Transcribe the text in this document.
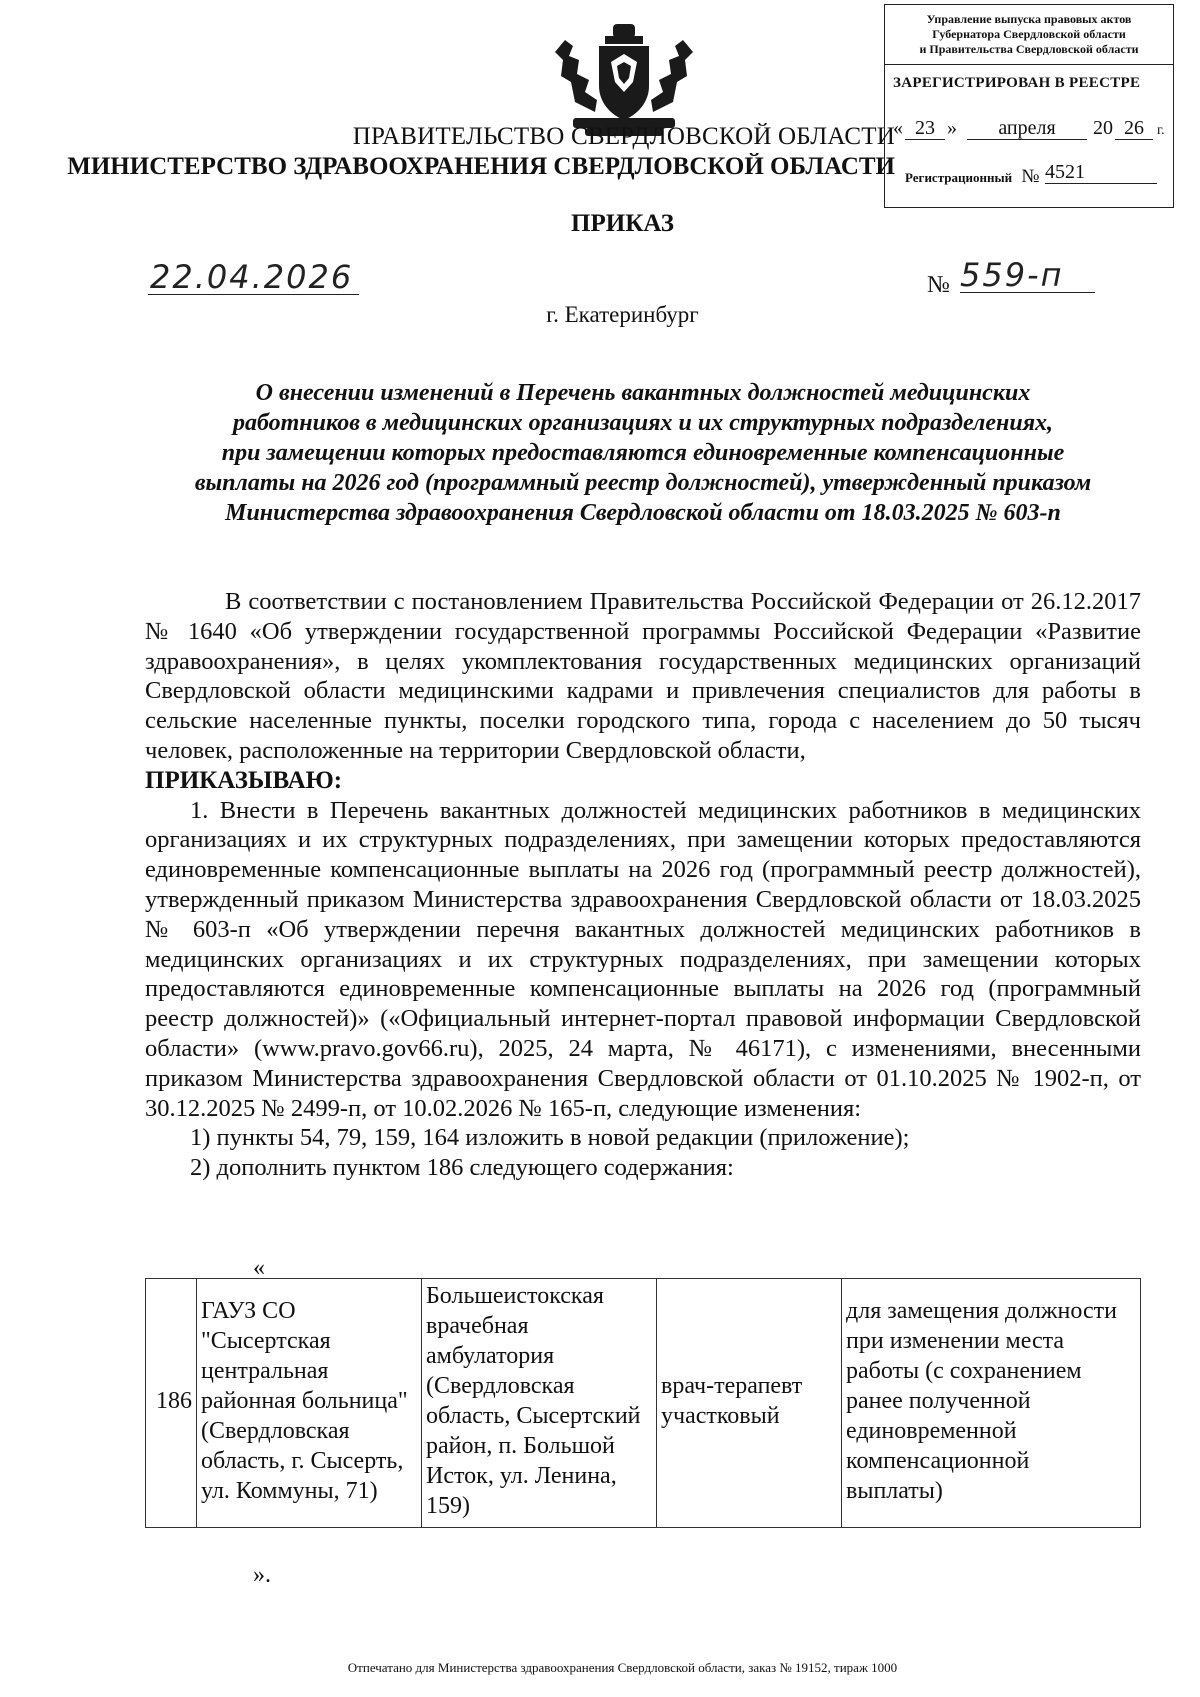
Управление выпуска правовых актов
Губернатора Свердловской области
и Правительства Свердловской области
ЗАРЕГИСТРИРОВАН В РЕЕСТРЕ
« 23 »	апреля	20 26 г.
Регистрационный № 4521
ПРАВИТЕЛЬСТВО СВЕРДЛОВСКОЙ ОБЛАСТИ
МИНИСТЕРСТВО ЗДРАВООХРАНЕНИЯ СВЕРДЛОВСКОЙ ОБЛАСТИ
ПРИКАЗ
22.04.2026	№ 559-п
г. Екатеринбург
О внесении изменений в Перечень вакантных должностей медицинских
работников в медицинских организациях и их структурных подразделениях,
при замещении которых предоставляются единовременные компенсационные
выплаты на 2026 год (программный реестр должностей), утвержденный приказом
Министерства здравоохранения Свердловской области от 18.03.2025 № 603-п

В соответствии с постановлением Правительства Российской Федерации от 26.12.2017 № 1640 «Об утверждении государственной программы Российской Федерации «Развитие здравоохранения», в целях укомплектования государственных медицинских организаций Свердловской области медицинскими кадрами и привлечения специалистов для работы в сельские населенные пункты, поселки городского типа, города с населением до 50 тысяч человек, расположенные на территории Свердловской области,

ПРИКАЗЫВАЮ:

1. Внести в Перечень вакантных должностей медицинских работников в медицинских организациях и их структурных подразделениях, при замещении которых предоставляются единовременные компенсационные выплаты на 2026 год (программный реестр должностей), утвержденный приказом Министерства здравоохранения Свердловской области от 18.03.2025 № 603-п «Об утверждении перечня вакантных должностей медицинских работников в медицинских организациях и их структурных подразделениях, при замещении которых предоставляются единовременные компенсационные выплаты на 2026 год (программный реестр должностей)» («Официальный интернет-портал правовой информации Свердловской области» (www.pravo.gov66.ru), 2025, 24 марта, № 46171), с изменениями, внесенными приказом Министерства здравоохранения Свердловской области от 01.10.2025 № 1902-п, от 30.12.2025 № 2499-п, от 10.02.2026 № 165-п, следующие изменения:

1) пункты 54, 79, 159, 164 изложить в новой редакции (приложение);

2) дополнить пунктом 186 следующего содержания:

«
186	ГАУЗ СО "Сысертская центральная районная больница" (Свердловская область, г. Сысерть, ул. Коммуны, 71)	Большеистокская врачебная амбулатория (Свердловская область, Сысертский район, п. Большой Исток, ул. Ленина, 159)	врач-терапевт участковый	для замещения должности при изменении места работы (с сохранением ранее полученной единовременной компенсационной выплаты)
».
Отпечатано для Министерства здравоохранения Свердловской области, заказ № 19152, тираж 1000
